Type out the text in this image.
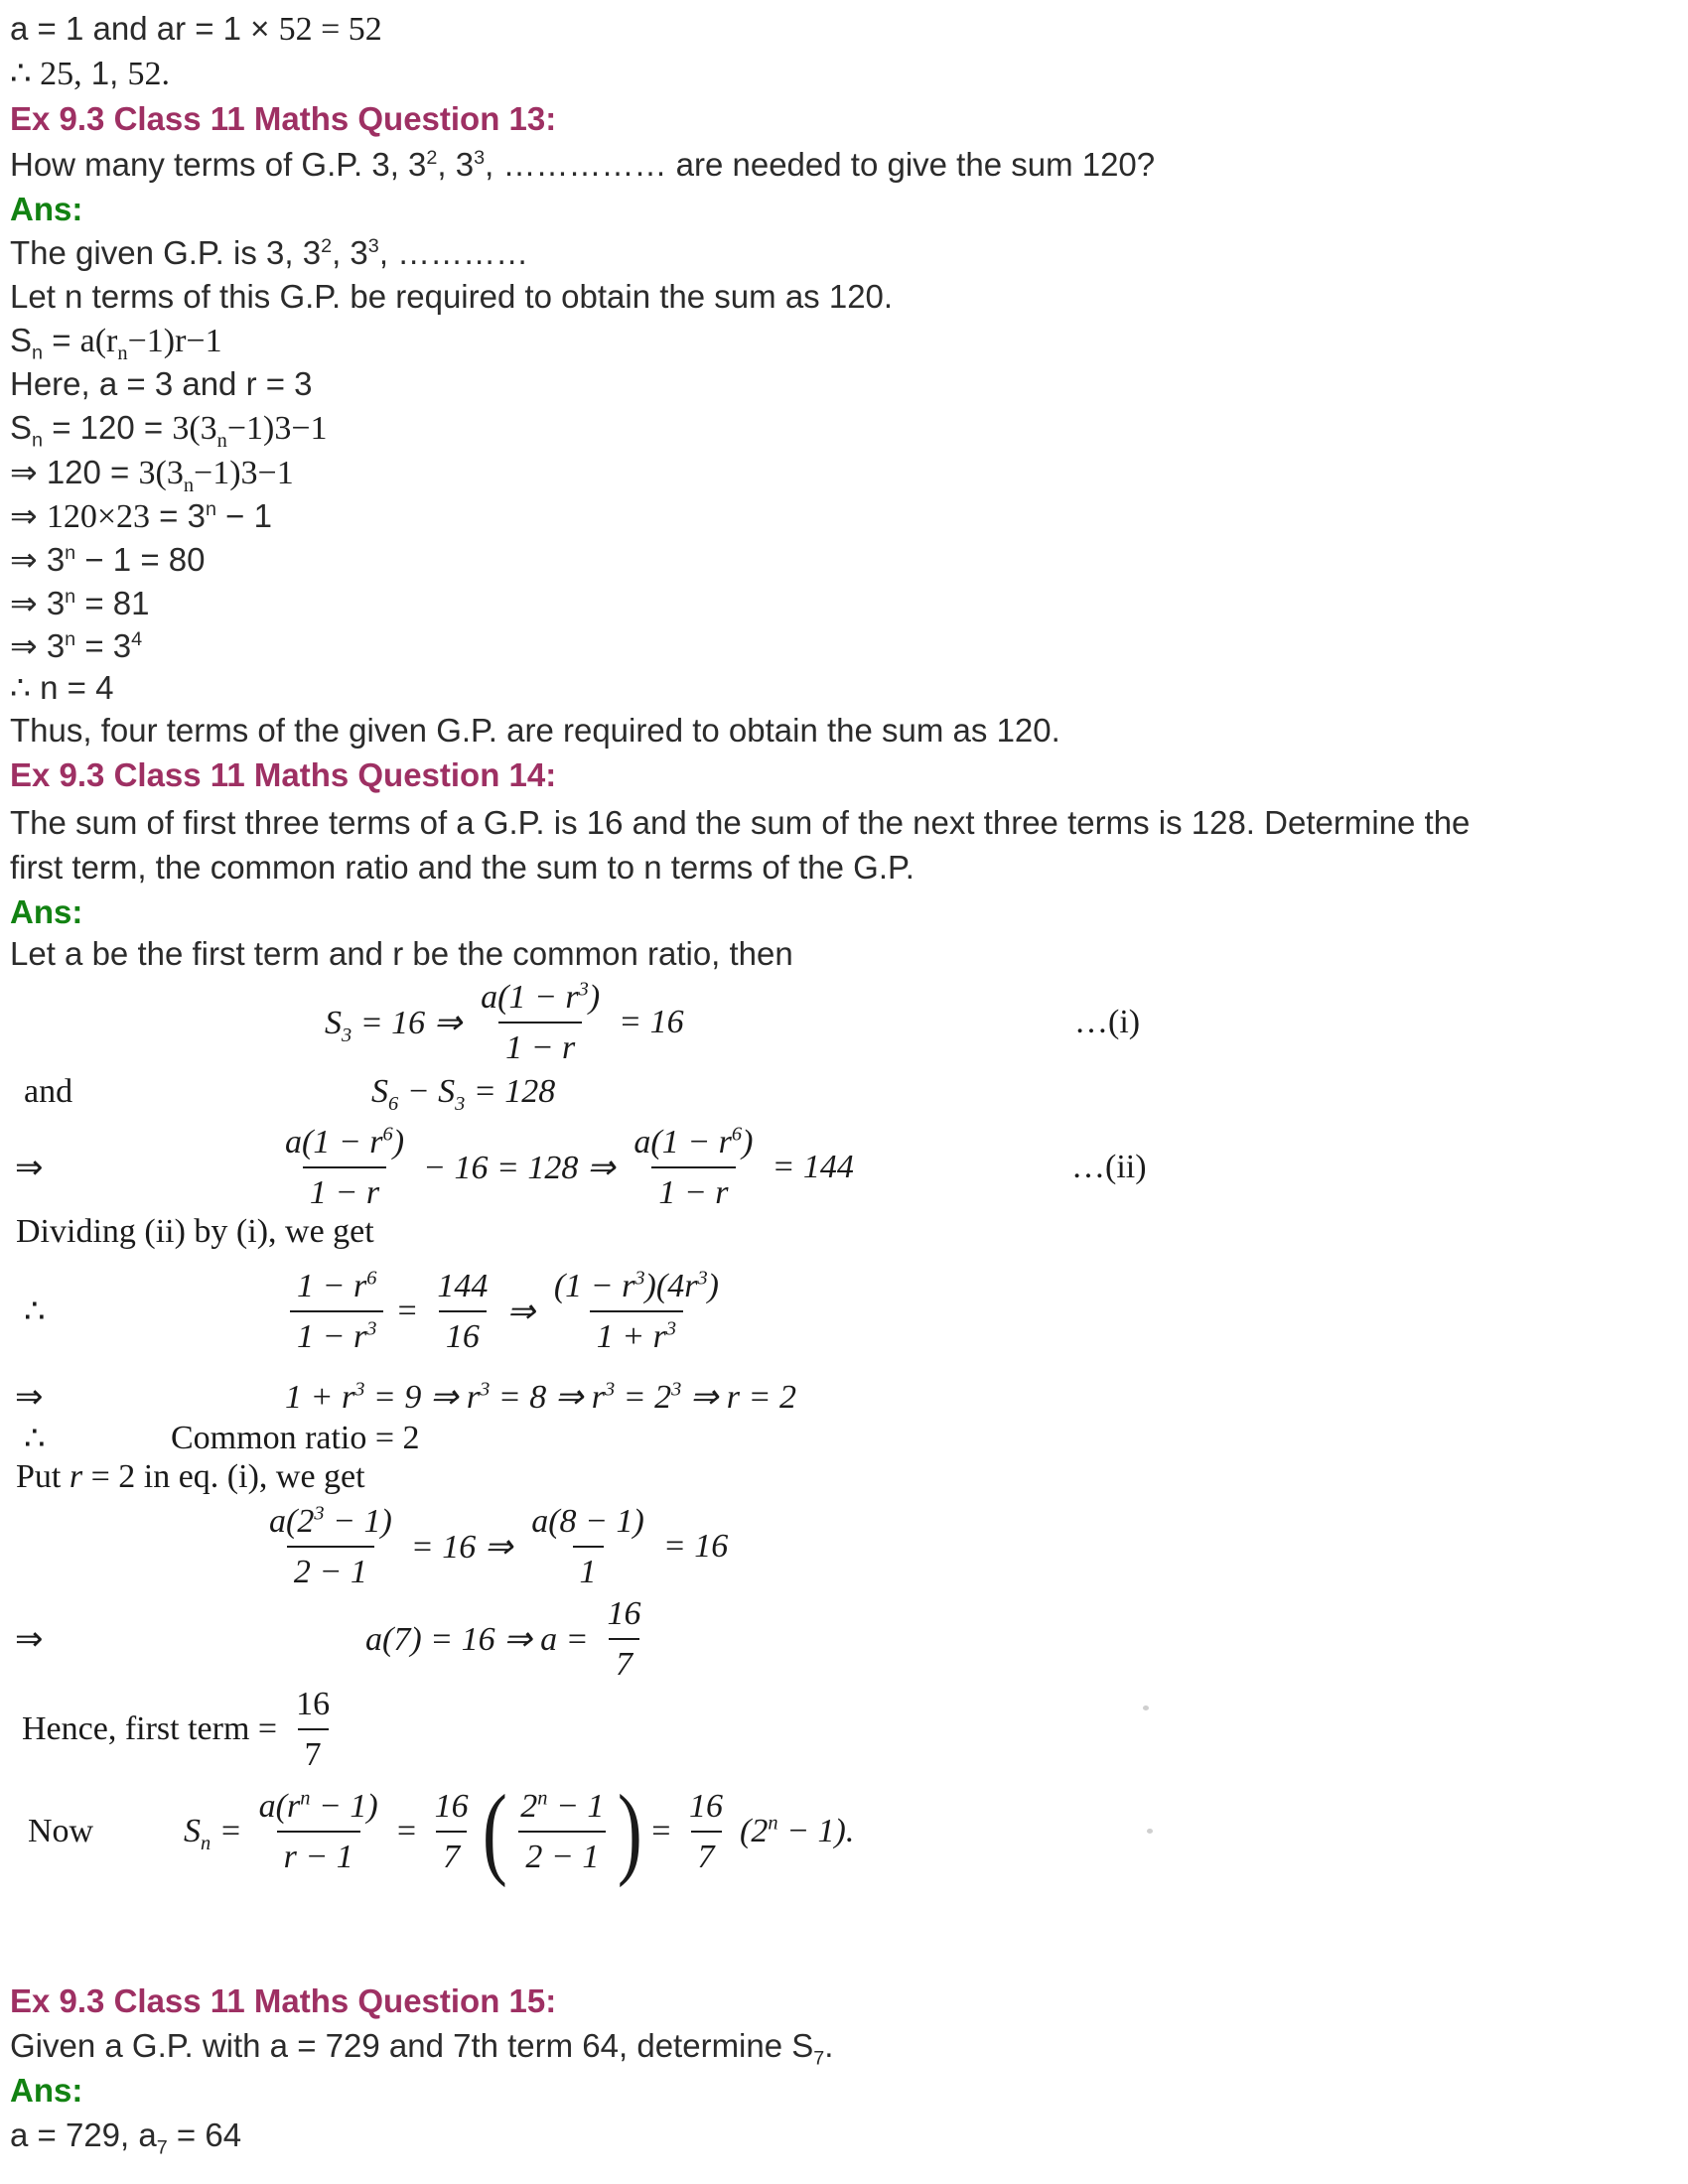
a = 1 and ar = 1 × 52 = 52
∴ 25, 1, 52.
Ex 9.3 Class 11 Maths Question 13:
How many terms of G.P. 3, $3^2$, $3^3$, …………… are needed to give the sum 120?
Ans:
The given G.P. is 3, $3^2$, $3^3$, …………
Let n terms of this G.P. be required to obtain the sum as 120.
$S_n = a(r_n-1)r-1$
Here, a = 3 and r = 3
$S_n = 120 = 3(3_n-1)3-1$
⇒ $120 = 3(3_n-1)3-1$
⇒ $120\times 23 = 3^n - 1$
⇒ $3^n - 1 = 80$
⇒ $3^n = 81$
⇒ $3^n = 3^4$
∴ n = 4
Thus, four terms of the given G.P. are required to obtain the sum as 120.
Ex 9.3 Class 11 Maths Question 14:
The sum of first three terms of a G.P. is 16 and the sum of the next three terms is 128. Determine the
first term, the common ratio and the sum to n terms of the G.P.
Ans:
Let a be the first term and r be the common ratio, then
$S_3 = 16$ ⇒ $\frac{a(1 - r^3)}{1 - r} = 16$	…(i)
and	$S_6 - S_3 = 128$
⇒	$\frac{a(1 - r^6)}{1 - r} - 16 = 128$ ⇒ $\frac{a(1 - r^6)}{1 - r} = 144$	…(ii)
Dividing (ii) by (i), we get
∴	$\frac{1 - r^6}{1 - r^3} = \frac{144}{16}$ ⇒ $\frac{(1 - r^3)(4r^3)}{1 + r^3}$
⇒	$1 + r^3 = 9$ ⇒ $r^3 = 8$ ⇒ $r^3 = 2^3$ ⇒ r = 2
∴	Common ratio = 2
Put r = 2 in eq. (i), we get
$\frac{a(2^3 - 1)}{2 - 1} = 16$ ⇒ $\frac{a(8 - 1)}{1} = 16$
⇒	a(7) = 16 ⇒ $a = \frac{16}{7}$
Hence, first term = $\frac{16}{7}$
Now	$S_n = \frac{a(r^n - 1)}{r - 1} = \frac{16}{7}$ ( $\frac{2^n - 1}{2 - 1}$ ) = $\frac{16}{7} (2^n - 1)$.
Ex 9.3 Class 11 Maths Question 15:
Given a G.P. with a = 729 and 7th term 64, determine $S_7$.
Ans:
a = 729, $a_7 = 64$
